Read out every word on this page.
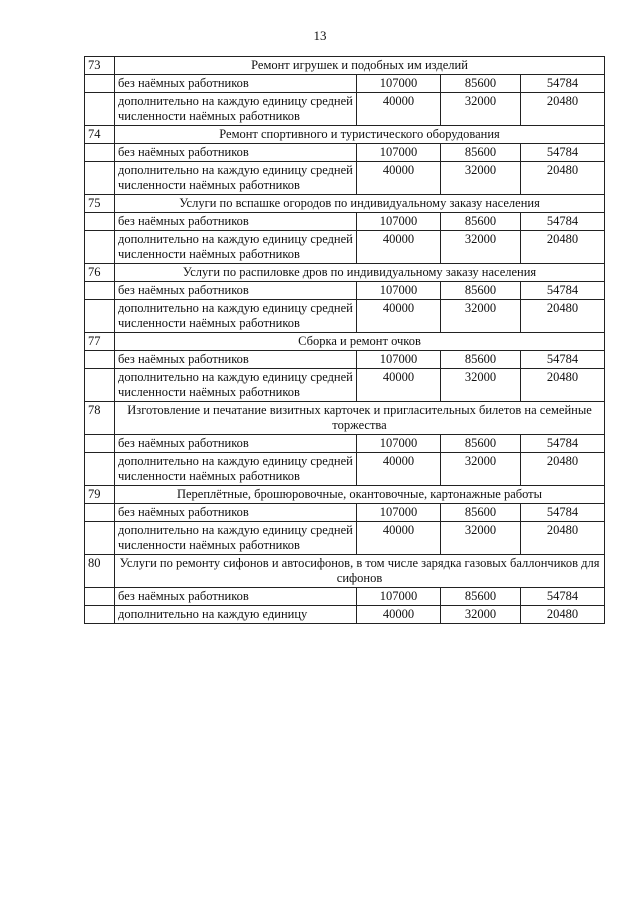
13
73	Ремонт игрушек и подобных им изделий			
	без наёмных работников	107000	85600	54784
	дополнительно на каждую единицу средней численности наёмных работников	40000	32000	20480
74	Ремонт спортивного и туристического оборудования			
	без наёмных работников	107000	85600	54784
	дополнительно на каждую единицу средней численности наёмных работников	40000	32000	20480
75	Услуги по вспашке огородов по индивидуальному заказу населения			
	без наёмных работников	107000	85600	54784
	дополнительно на каждую единицу средней численности наёмных работников	40000	32000	20480
76	Услуги по распиловке дров по индивидуальному заказу населения			
	без наёмных работников	107000	85600	54784
	дополнительно на каждую единицу средней численности наёмных работников	40000	32000	20480
77	Сборка и ремонт очков			
	без наёмных работников	107000	85600	54784
	дополнительно на каждую единицу средней численности наёмных работников	40000	32000	20480
78	Изготовление и печатание визитных карточек и пригласительных билетов на семейные торжества			
	без наёмных работников	107000	85600	54784
	дополнительно на каждую единицу средней численности наёмных работников	40000	32000	20480
79	Переплётные, брошюровочные, окантовочные, картонажные работы			
	без наёмных работников	107000	85600	54784
	дополнительно на каждую единицу средней численности наёмных работников	40000	32000	20480
80	Услуги по ремонту сифонов и автосифонов, в том числе зарядка газовых баллончиков для сифонов			
	без наёмных работников	107000	85600	54784
	дополнительно на каждую единицу	40000	32000	20480
